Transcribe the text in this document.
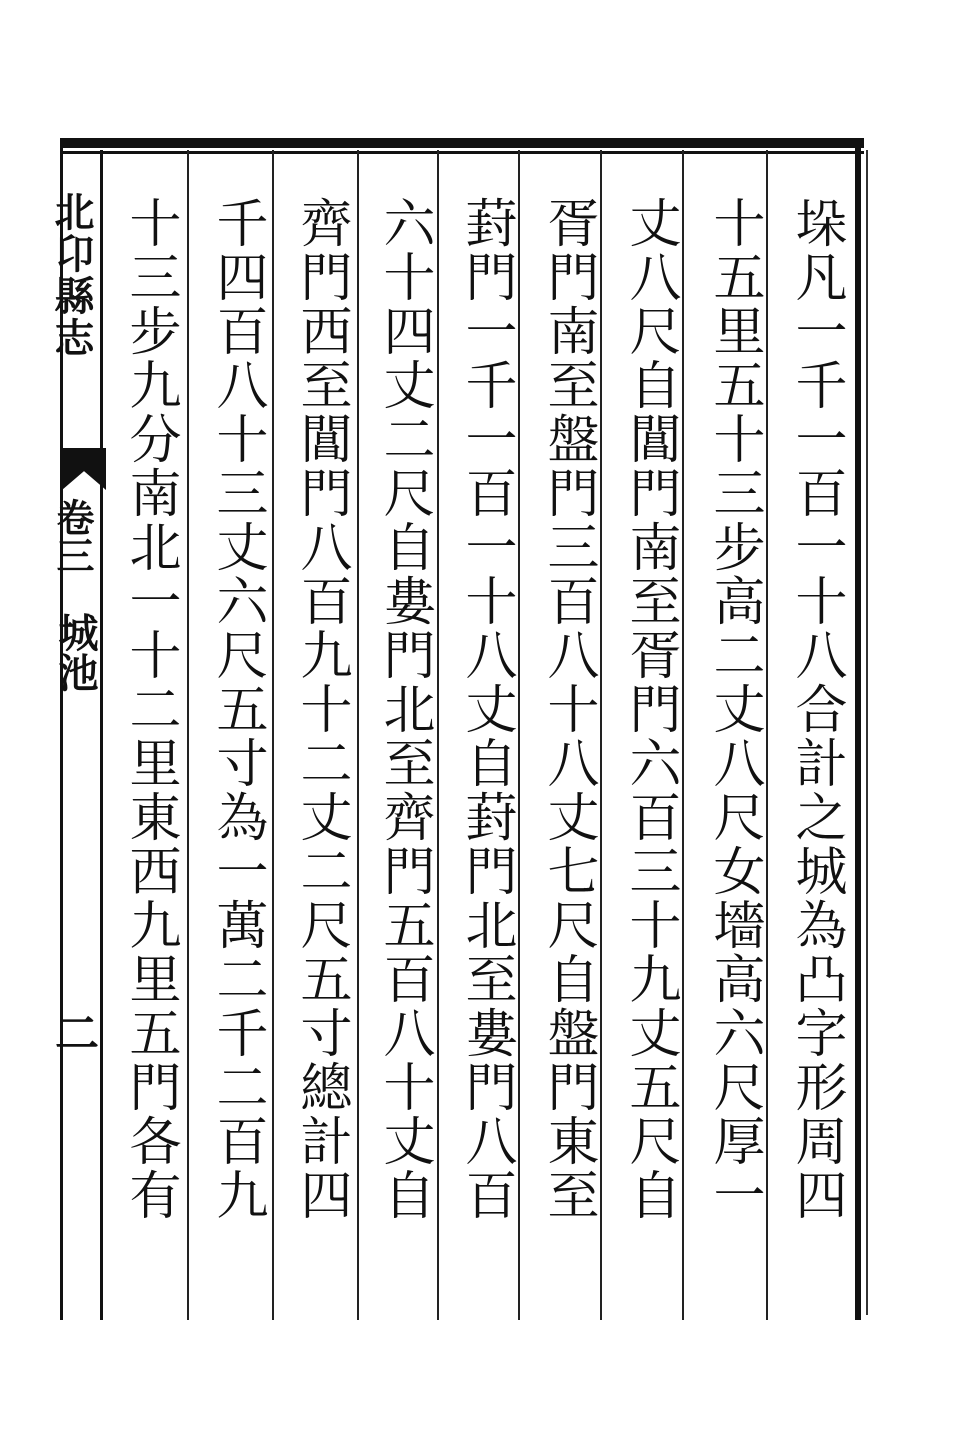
北卬縣志
卷三
城池
二	垛凡一千一百一十八合計之城為凸字形周四
十五里五十三步高二丈八尺女墻高六尺厚一
丈八尺自閶門南至胥門六百三十九丈五尺自
胥門南至盤門三百八十八丈七尺自盤門東至
葑門一千一百一十八丈自葑門北至婁門八百
六十四丈二尺自婁門北至齊門五百八十丈自
齊門西至閶門八百九十二丈二尺五寸總計四
千四百八十三丈六尺五寸為一萬二千二百九
十三步九分南北一十二里東西九里五門各有
